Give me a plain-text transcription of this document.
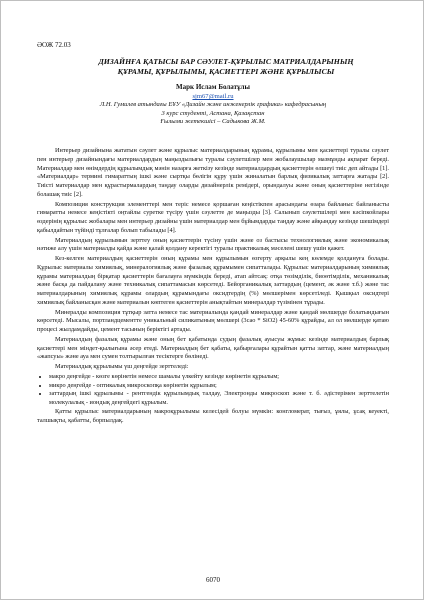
ӘОЖ 72.03
ДИЗАЙНҒА ҚАТЫСЫ БАР СӘУЛЕТ-ҚҰРЫЛЫС МАТРИАЛДАРЫНЫҢ
ҚҰРАМЫ, ҚҰРЫЛЫМЫ, ҚАСИЕТТЕРІ ЖӘНЕ ҚҰРЫЛЫСЫ
Марк Ислам Болатұлы
sjm67@mail.ru
Л.Н. Гумилев атындағы ЕҰУ «Дизайн және инженерлік графика» кафедрасының
3 курс студенті, Астана, Қазақстан
Ғылыми жетекшісі – Садыкова Ж.М.

Интерьер дизайнына жататын сәулет және құрылыс материалдарының құрамы, құрылымы мен қасиеттері туралы сәулет пен интерьер дизайнындағы материалдардың маңыздылығы туралы сәулетшілер мен жобалаушылар мазмұнды ақпарат береді. Материалдар мен өнімдердің құрылымдық мәнін назарға жеткізу кезінде материалдардың қасиеттерін өлшеуі тиіс деп айтады [1]. «Материалдар» термині гимараттың ішкі және сыртқы бөлігін құру үшін жиналатын барлық физикалық заттарға жатады [2]. Тиісті материалдар мен құрастырмалардың таңдау оларды дизайнерлік ремідері, орындалуы және оның қасиеттеріне негізінде болашақ тиіс [2].

Композиция конструкция элементтері мен теріс немесе қоршаған кеңістікпен арасындағы өзара байланыс байланысты гимаратты немесе кеңістікті оңтайлы суретке түсіру үшін сәулетте де маңызды [3]. Салынып сәулетшілері мен кәсіпкойлары өздерінің құрылыс жобалары мен интерьер дизайны үшін материалдар мен бұйымдарды таңдау және айқындау кезінде шешімдері қабылдайтын түйінді тұлғалар болып табылады [4].

Материалдың құрылымын зерттеу оның қасиеттерін түсіну үшін және оз бастысы технологиялық және экономикалық нәтиже алу үшін материалды қайда және қалай қолдану керектігі туралы практикалық мәселені шешу үшін қажет.

Кез-келген материалдың қасиеттерін оның құрамы мен құрылымын өзгерту арқылы кең көлемде қолдануға болады. Құрылыс материалы химиялық, минералогиялық және фазалық құрамымен сипатталады. Құрылыс материалдарының химиялық құрамы материалдың бірқатар қасиеттерін бағалауға мүмкіндік береді, атап айтсақ: отқа төзімділік, биоөтімділік, механикалық және басқа да пайдалану және техникалық сипаттамасын көрсетеді. Бейорганикалық заттардың (цемент, әк және т.б.) және тас материалдарының химиялық құрамы олардың құрамындағы оксидтердің (%) мөлшерімен көрсетіледі. Қышқыл оксидтері химиялық байланысқан және материалын көптеген қасиеттерін анықтайтын минералдар түзімінен тұрады.

Минералды композиция тұтқыр затта немесе тас материалында қандай минералдар және қандай мөлшерде болатындығын көрсетеді. Мысалы, портландцементте уникальный силикатының мөлшері (3сао * SiO2) 45-60% құрайды, ал ол мөлшерде қатаю процесі жылдамдайды, цемент тасының беріктігі артады.

Материалдың фазалық құрамы және оның бет қабатында судың фазалық ауысуы жұмыс кезінде материалдың барлық қасиеттері мен міндет-қылығына әсер етеді. Материалдың бет қабаты, қабырғалары құрайтын қатты заттар, және материалдың «жапсуы» және ауа мен сумен толтырылған тесіктерге бөлінеді.

Материалдық құрылымы үш деңгейде зерттеледі:

• макро деңгейде - көзге көрінетін немесе шамалы үлкейту кезінде көрінетін құрылым;
• микро деңгейде - оптикалық микроскопқа көрінетін құрылым;
• заттардың ішкі құрылымы - рентгендік құрылымдық талдау, Электронды микроскоп және т. б. әдістерімен зерттелетін молекулалық - иондық деңгейдегі құрылым.

Қатты құрылыс материалдарының макроқұрылымы келесідей болуы мүмкін: конгломерат, тығыз, ұялы, ұсақ кеуекті, талшықты, қабатты, борпылдақ.

6070
